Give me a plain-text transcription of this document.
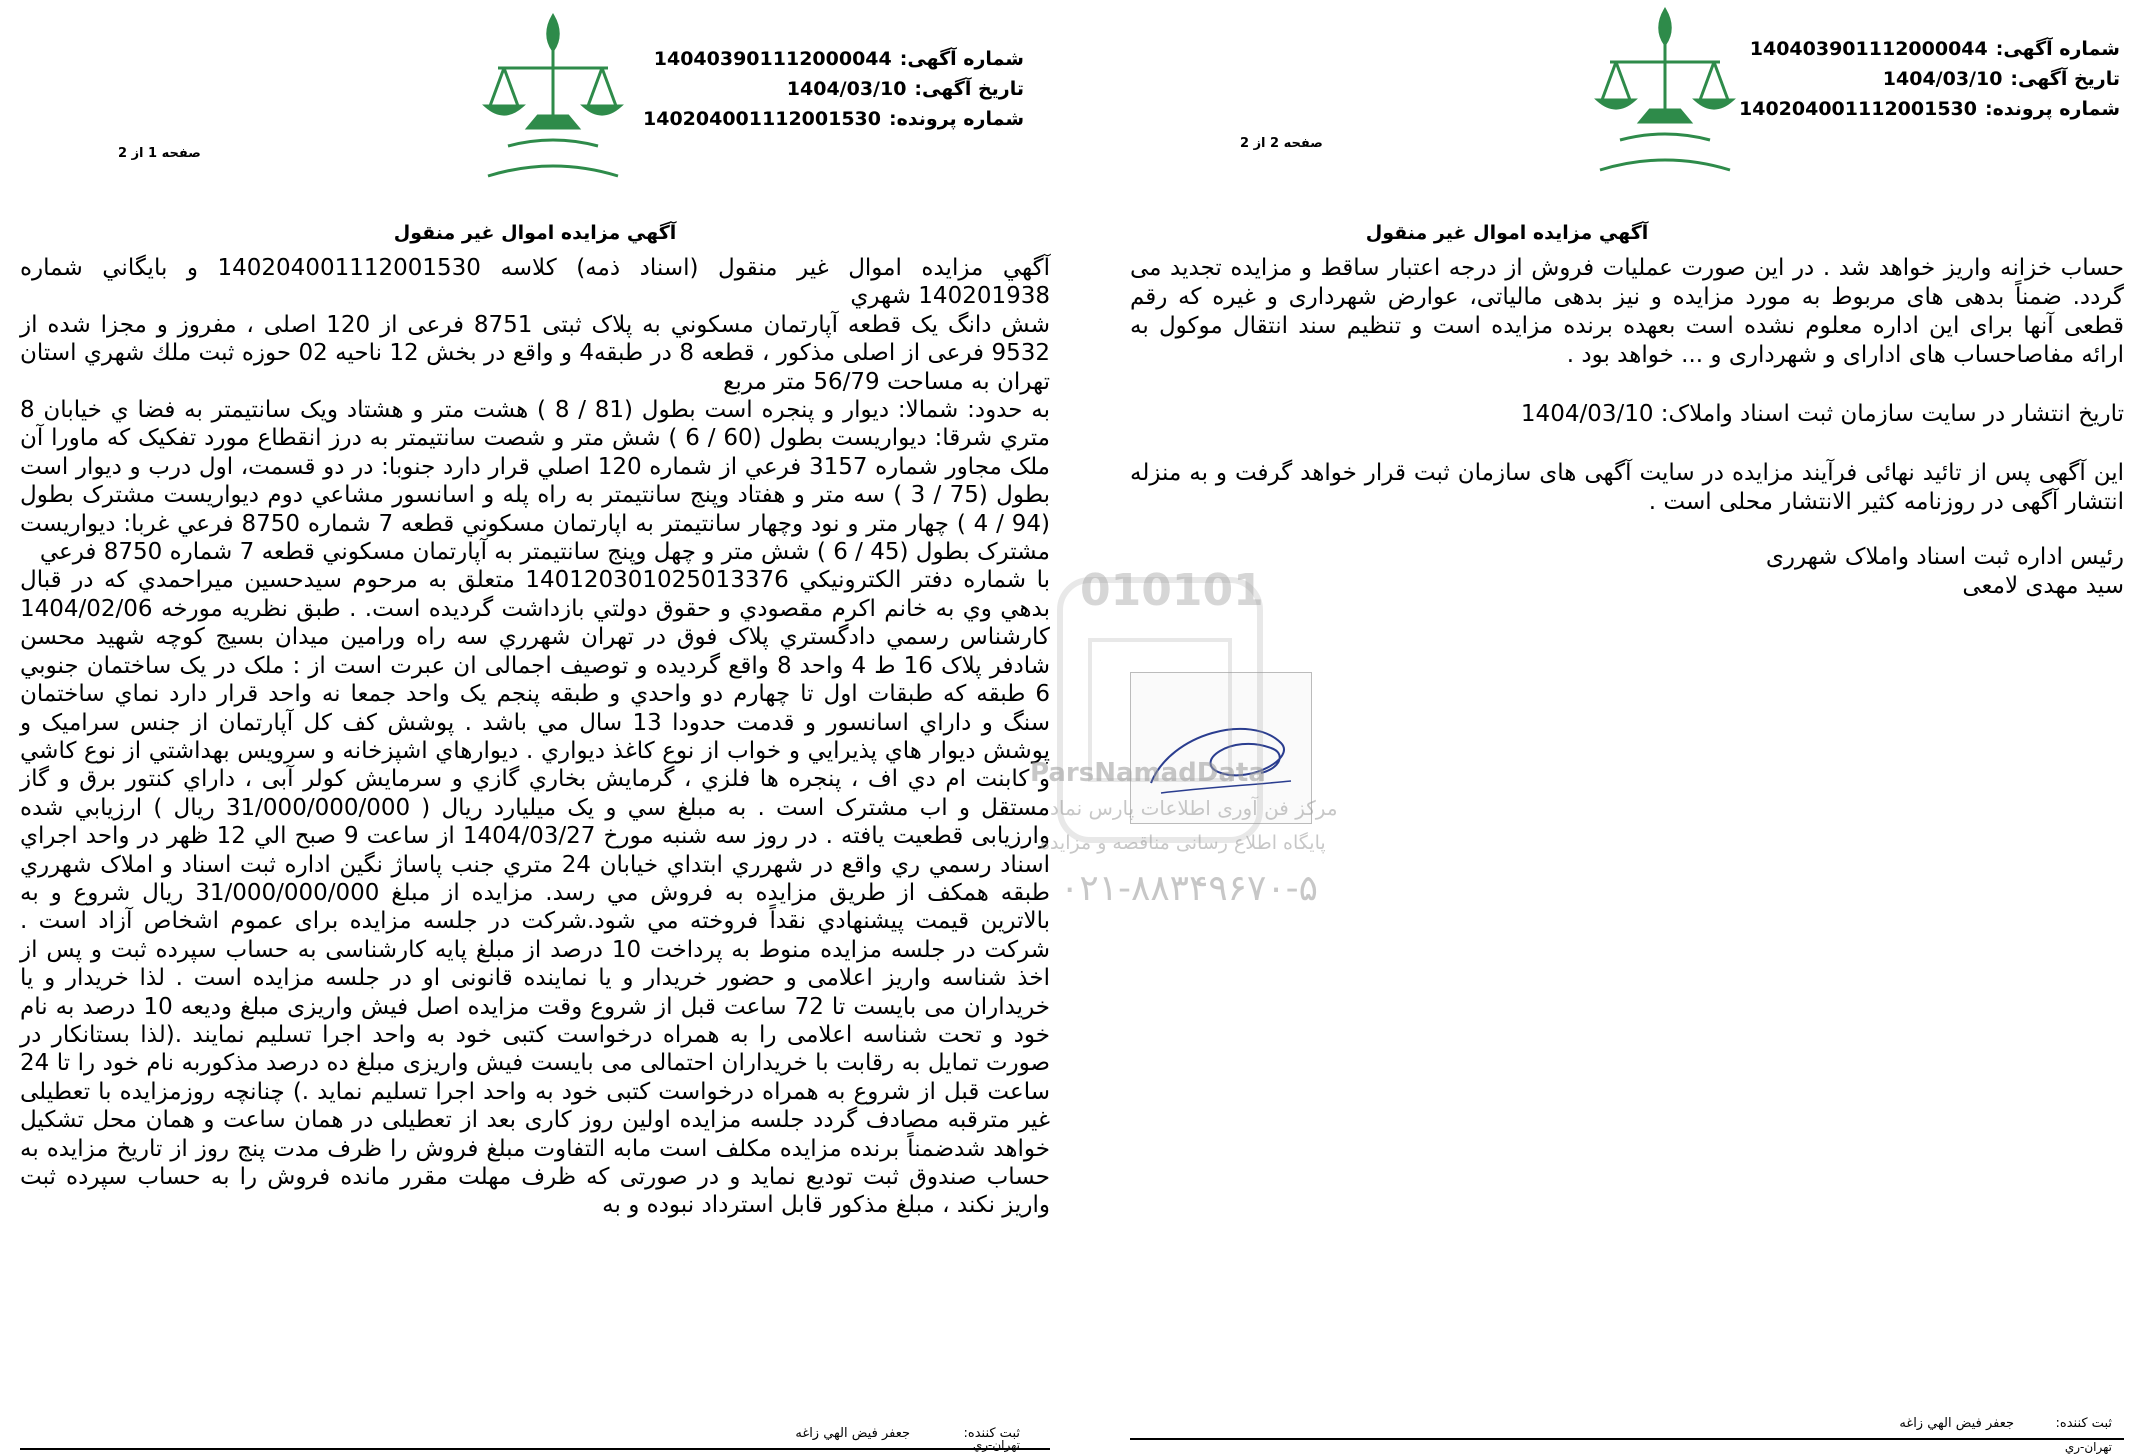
شماره آگهی:140403901112000044
تاریخ آگهی:1404/03/10
شماره پرونده:140204001112001530
صفحه 1 از 2
آگهي مزايده اموال غير منقول

آگهي مزايده اموال غير منقول (اسناد ذمه) كلاسه 140204001112001530 و بايگاني شماره 140201938 شهري

شش دانگ يک قطعه آپارتمان مسكوني به پلاک ثبتی 8751 فرعی از 120 اصلی ، مفروز و مجزا شده از 9532 فرعی از اصلی مذکور ، قطعه 8 در طبقه4 و واقع در بخش 12 ناحيه 02 حوزه ثبت ملك شهري استان تهران به مساحت 56/79 متر مربع

به حدود: شمالا: ديوار و پنجره است بطول (81 / 8 ) هشت متر و هشتاد ويک سانتيمتر به فضا ي خيابان 8 متري شرقا: ديواريست بطول (60 / 6 ) شش متر و شصت سانتيمتر به درز انقطاع مورد تفكيک كه ماورا آن ملک مجاور شماره 3157 فرعي از شماره 120 اصلي قرار دارد جنوبا: در دو قسمت، اول درب و ديوار است بطول (75 / 3 ) سه متر و هفتاد وپنج سانتيمتر به راه پله و اسانسور مشاعي دوم ديواريست مشترک بطول (94 / 4 ) چهار متر و نود وچهار سانتيمتر به اپارتمان مسكوني قطعه 7 شماره 8750 فرعي غربا: ديواريست مشترک بطول (45 / 6 ) شش متر و چهل وپنج سانتيمتر به آپارتمان مسكوني قطعه 7 شماره 8750 فرعي

با شماره دفتر الكترونيكي 140120301025013376 متعلق به مرحوم سيدحسين ميراحمدي كه در قبال بدهي وي به خانم اكرم مقصودي و حقوق دولتي بازداشت گرديده است. . طبق نظريه مورخه 1404/02/06 کارشناس رسمي دادگستري پلاک فوق در تهران شهرري سه راه ورامين ميدان بسيج کوچه شهيد محسن شادفر پلاک 16 ط 4 واحد 8 واقع گرديده و توصيف اجمالی ان عبرت است از : ملک در يک ساختمان جنوبي 6 طبقه که طبقات اول تا چهارم دو واحدي و طبقه پنجم يک واحد جمعا نه واحد قرار دارد نماي ساختمان سنگ و داراي اسانسور و قدمت حدودا 13 سال مي باشد . پوشش کف کل آپارتمان از جنس سراميک و پوشش ديوار هاي پذيرايي و خواب از نوع کاغذ ديواري . ديوارهاي اشپزخانه و سرويس بهداشتي از نوع کاشي و کابنت ام دي اف ، پنجره ها فلزي ، گرمايش بخاري گازي و سرمايش کولر آبی ، داراي کنتور برق و گاز مستقل و اب مشترک است . به مبلغ سي و يک ميليارد ريال ( 31/000/000/000 ريال ) ارزيابي شده وارزيابی قطعيت يافته . در روز سه شنبه مورخ 1404/03/27 از ساعت 9 صبح الي 12 ظهر در واحد اجراي اسناد رسمي ري واقع در شهرري ابتداي خيابان 24 متري جنب پاساژ نگين اداره ثبت اسناد و املاک شهرري طبقه همکف از طريق مزايده به فروش مي رسد. مزايده از مبلغ 31/000/000/000 ريال شروع و به بالاترين قيمت پيشنهادي نقداً فروخته مي شود.شرکت در جلسه مزايده برای عموم اشخاص آزاد است . شرکت در جلسه مزايده منوط به پرداخت 10 درصد از مبلغ پايه كارشناسی به حساب سپرده ثبت و پس از اخذ شناسه واريز اعلامی و حضور خريدار و يا نماينده قانونی او در جلسه مزايده است . لذا خريدار و يا خريداران می بايست تا 72 ساعت قبل از شروع وقت مزايده اصل فيش واريزی مبلغ وديعه 10 درصد به نام خود و تحت شناسه اعلامی را به همراه درخواست كتبی خود به واحد اجرا تسليم نمايند .(لذا بستانكار در صورت تمايل به رقابت با خريداران احتمالی می بايست فيش واريزی مبلغ ده درصد مذكوربه نام خود را تا 24 ساعت قبل از شروع به همراه درخواست كتبی خود به واحد اجرا تسليم نمايد .) چنانچه روزمزايده با تعطيلی غير مترقبه مصادف گردد جلسه مزايده اولين روز كاری بعد از تعطيلی در همان ساعت و همان محل تشكيل خواهد شدضمناً برنده مزايده مكلف است مابه التفاوت مبلغ فروش را ظرف مدت پنج روز از تاريخ مزايده به حساب صندوق ثبت توديع نمايد و در صورتی كه ظرف مهلت مقرر مانده فروش را به حساب سپرده ثبت واريز نكند ، مبلغ مذكور قابل استرداد نبوده و به

ثبت کننده:
جعفر فيض الهي زاغه
تهران-ري
شماره آگهی:140403901112000044
تاریخ آگهی:1404/03/10
شماره پرونده:140204001112001530
صفحه 2 از 2
آگهي مزايده اموال غير منقول

حساب خزانه واريز خواهد شد . در اين صورت عمليات فروش از درجه اعتبار ساقط و مزايده تجديد می گردد. ضمناً بدهی های مربوط به مورد مزايده و نيز بدهی مالياتی، عوارض شهرداری و غيره كه رقم قطعی آنها برای اين اداره معلوم نشده است بعهده برنده مزايده است و تنظيم سند انتقال موكول به ارائه مفاصاحساب های ادارای و شهرداری و ... خواهد بود .

تاریخ انتشار در سایت سازمان ثبت اسناد واملاک: 1404/03/10

این آگهی پس از تائید نهائی فرآیند مزایده در سایت آگهی های سازمان ثبت قرار خواهد گرفت و به منزله انتشار آگهی در روزنامه کثیر الانتشار محلی است .

رئیس اداره ثبت اسناد واملاک شهرری

سید مهدی لامعی

ثبت کننده:
جعفر فيض الهي زاغه
تهران-ري
010101
ParsNamadData
مرکز فن آوری اطلاعات پارس نماد
پایگاه اطلاع رسانی مناقصه و مزایده
۰۲۱-۸۸۳۴۹۶۷۰-۵
